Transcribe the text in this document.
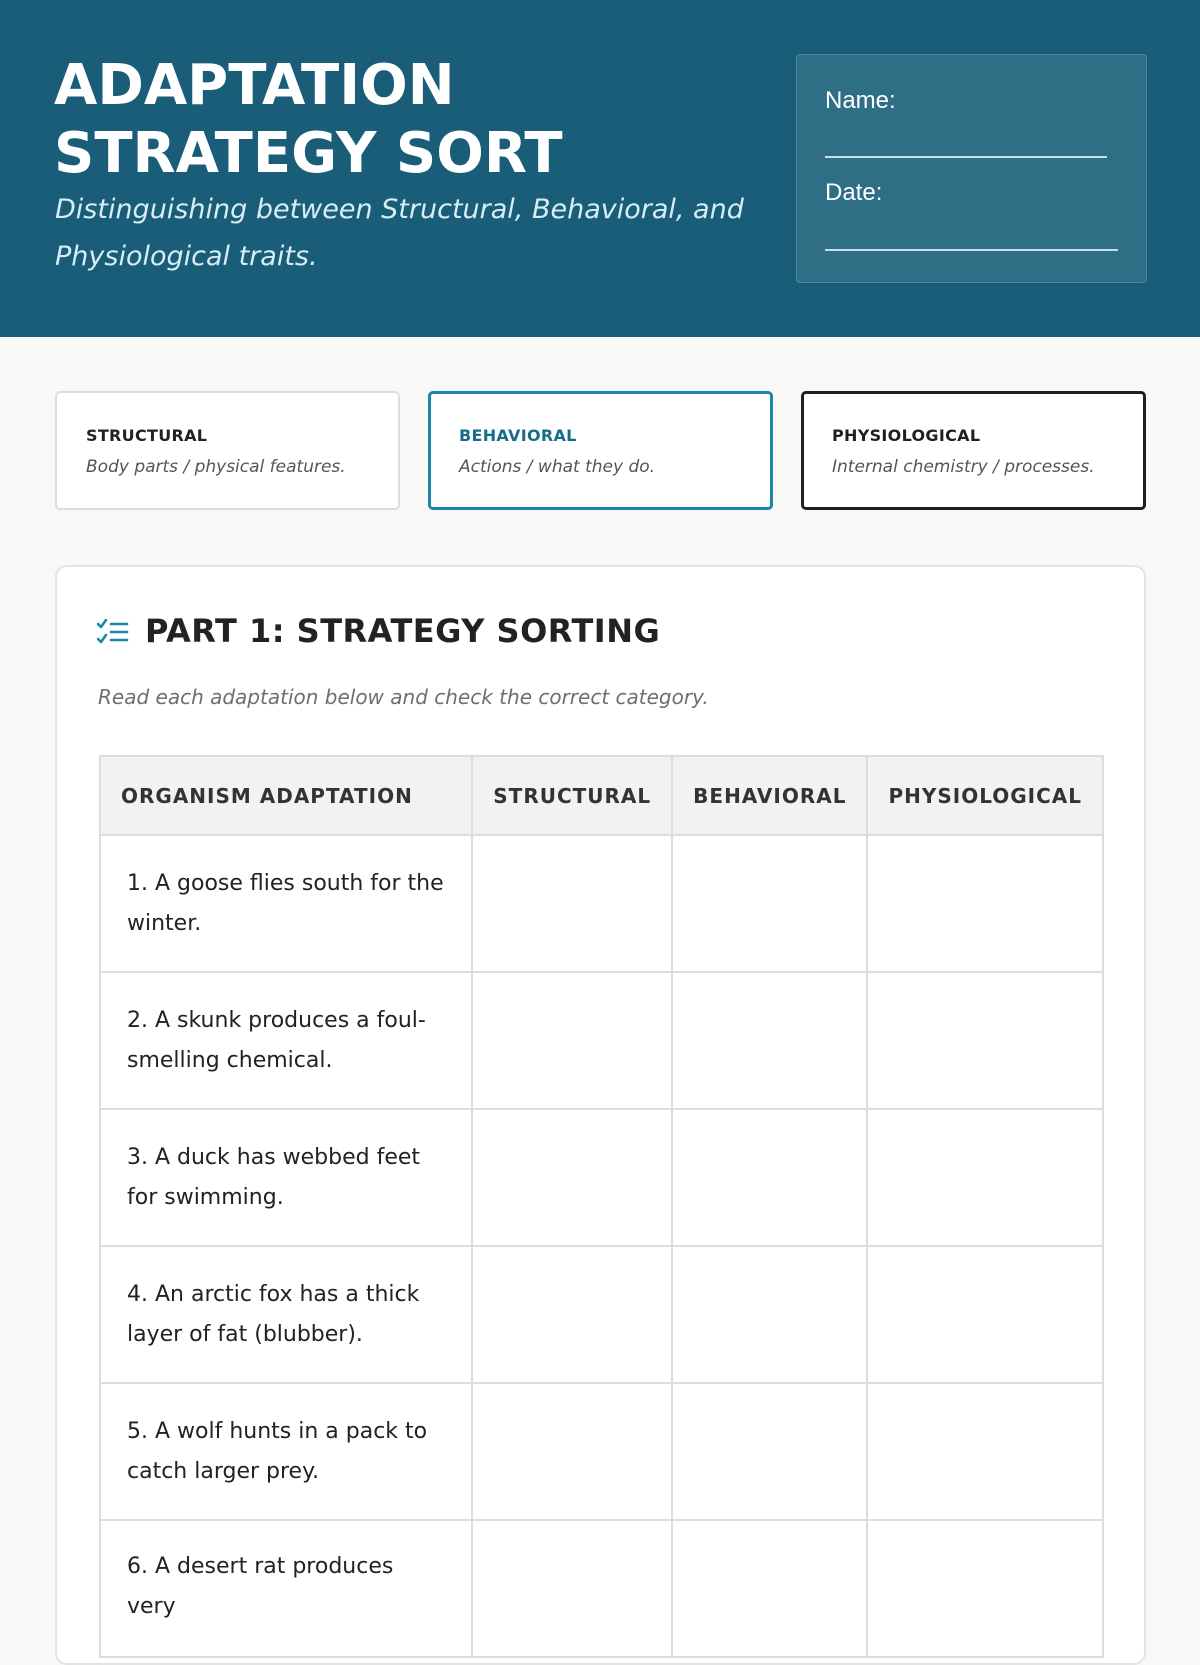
ADAPTATION STRATEGY SORT
Distinguishing between Structural, Behavioral, and Physiological traits.
Name:
Date:
STRUCTURAL
Body parts / physical features.
BEHAVIORAL
Actions / what they do.
PHYSIOLOGICAL
Internal chemistry / processes.
PART 1: STRATEGY SORTING
Read each adaptation below and check the correct category.
ORGANISM ADAPTATION	STRUCTURAL	BEHAVIORAL	PHYSIOLOGICAL
1. A goose flies south for the winter.			
2. A skunk produces a foul-smelling chemical.			
3. A duck has webbed feet for swimming.			
4. An arctic fox has a thick layer of fat (blubber).			
5. A wolf hunts in a pack to catch larger prey.			
6. A desert rat produces very			
